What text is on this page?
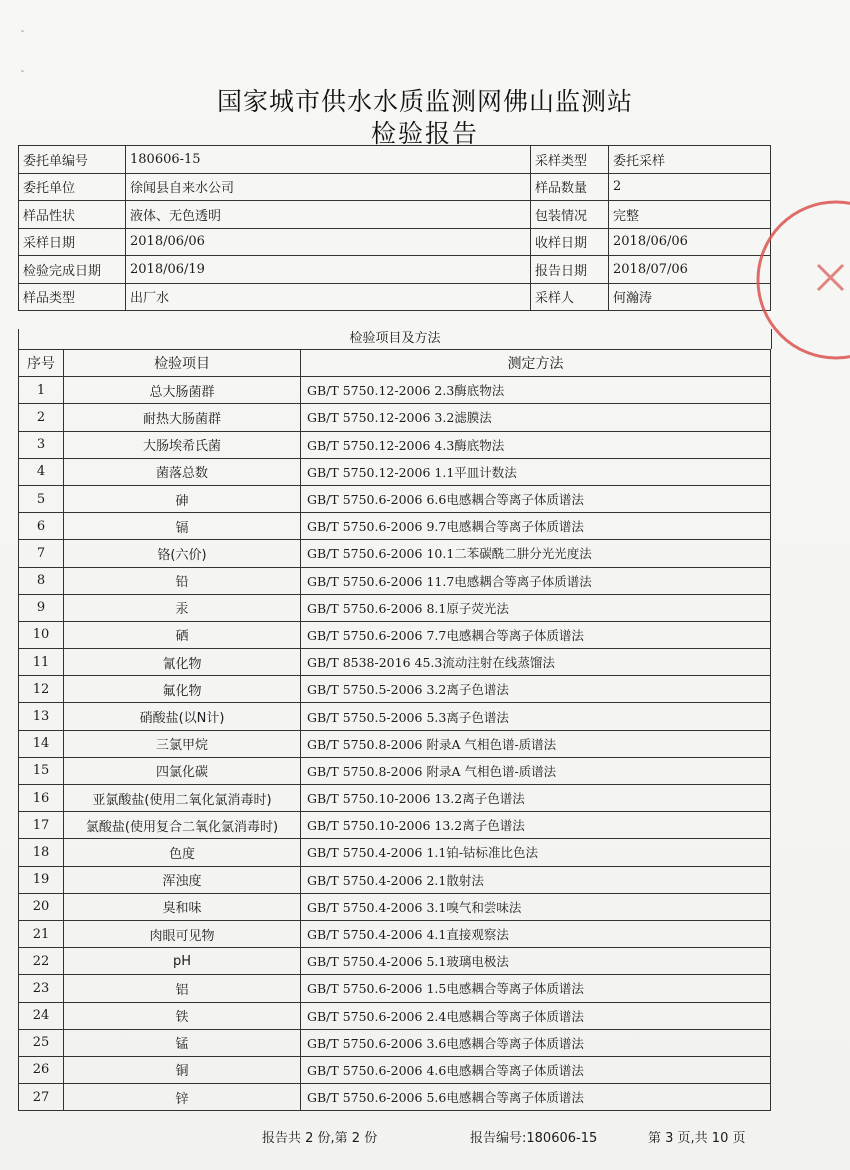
ˇ
ˇ
国家城市供水水质监测网佛山监测站
检验报告
委托单编号	180606-15	采样类型	委托采样
委托单位	徐闻县自来水公司	样品数量	2
样品性状	液体、无色透明	包装情况	完整
采样日期	2018/06/06	收样日期	2018/06/06
检验完成日期	2018/06/19	报告日期	2018/07/06
样品类型	出厂水	采样人	何瀚涛
检验项目及方法
序号	检验项目	测定方法
1	总大肠菌群	GB/T 5750.12-2006 2.3酶底物法
2	耐热大肠菌群	GB/T 5750.12-2006 3.2滤膜法
3	大肠埃希氏菌	GB/T 5750.12-2006 4.3酶底物法
4	菌落总数	GB/T 5750.12-2006 1.1平皿计数法
5	砷	GB/T 5750.6-2006 6.6电感耦合等离子体质谱法
6	镉	GB/T 5750.6-2006 9.7电感耦合等离子体质谱法
7	铬(六价)	GB/T 5750.6-2006 10.1二苯碳酰二肼分光光度法
8	铅	GB/T 5750.6-2006 11.7电感耦合等离子体质谱法
9	汞	GB/T 5750.6-2006 8.1原子荧光法
10	硒	GB/T 5750.6-2006 7.7电感耦合等离子体质谱法
11	氰化物	GB/T 8538-2016 45.3流动注射在线蒸馏法
12	氟化物	GB/T 5750.5-2006 3.2离子色谱法
13	硝酸盐(以N计)	GB/T 5750.5-2006 5.3离子色谱法
14	三氯甲烷	GB/T 5750.8-2006 附录A 气相色谱-质谱法
15	四氯化碳	GB/T 5750.8-2006 附录A 气相色谱-质谱法
16	亚氯酸盐(使用二氧化氯消毒时)	GB/T 5750.10-2006 13.2离子色谱法
17	氯酸盐(使用复合二氧化氯消毒时)	GB/T 5750.10-2006 13.2离子色谱法
18	色度	GB/T 5750.4-2006 1.1铂-钴标准比色法
19	浑浊度	GB/T 5750.4-2006 2.1散射法
20	臭和味	GB/T 5750.4-2006 3.1嗅气和尝味法
21	肉眼可见物	GB/T 5750.4-2006 4.1直接观察法
22	pH	GB/T 5750.4-2006 5.1玻璃电极法
23	铝	GB/T 5750.6-2006 1.5电感耦合等离子体质谱法
24	铁	GB/T 5750.6-2006 2.4电感耦合等离子体质谱法
25	锰	GB/T 5750.6-2006 3.6电感耦合等离子体质谱法
26	铜	GB/T 5750.6-2006 4.6电感耦合等离子体质谱法
27	锌	GB/T 5750.6-2006 5.6电感耦合等离子体质谱法
报告共 2 份,第 2 份	报告编号:180606-15	第 3 页,共 10 页
